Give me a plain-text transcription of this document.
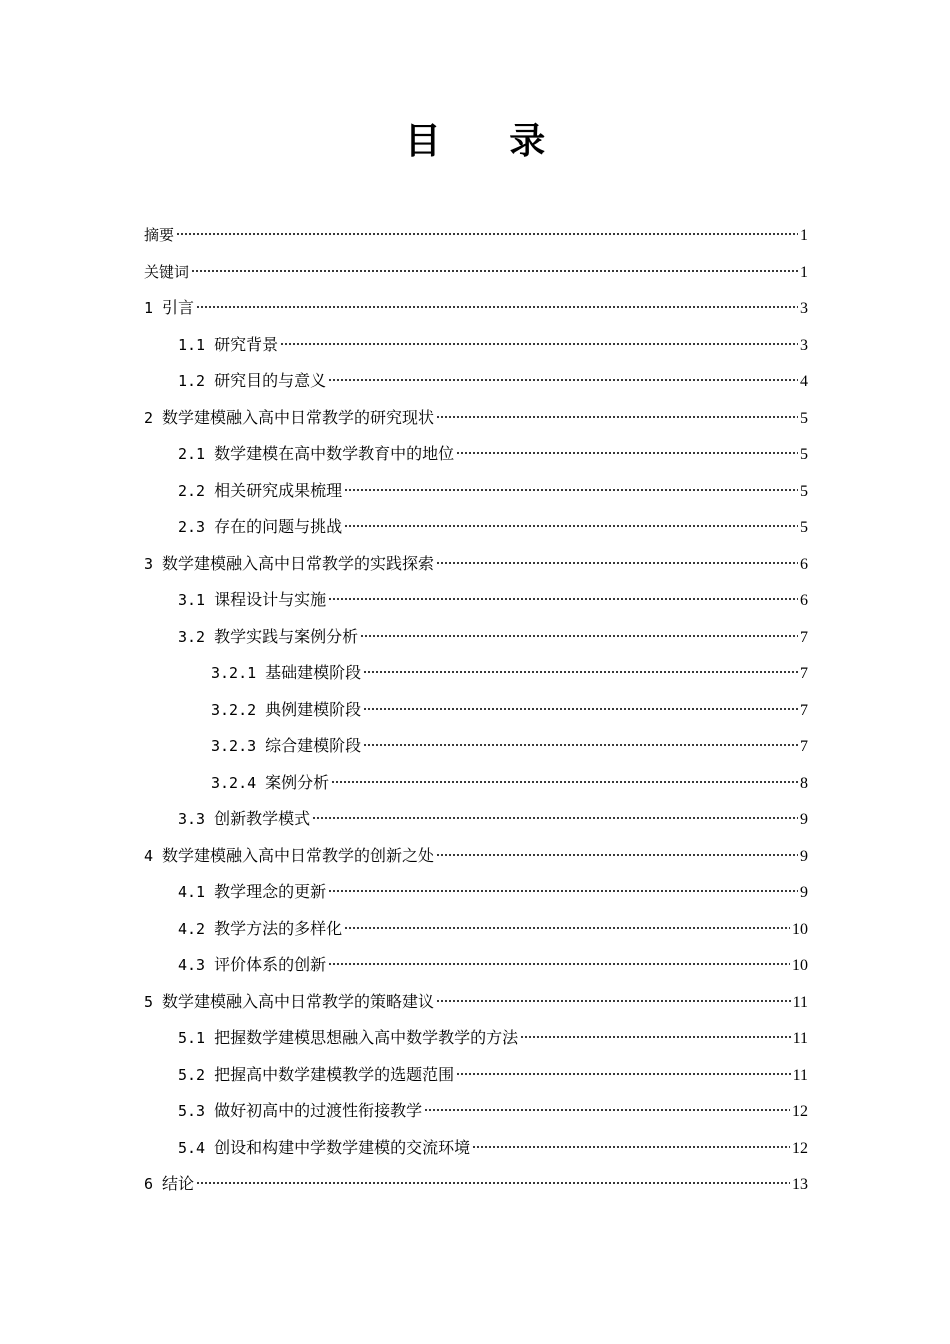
目 录
摘要	1
关键词	1
1 引言	3
1.1 研究背景	3
1.2 研究目的与意义	4
2 数学建模融入高中日常教学的研究现状	5
2.1 数学建模在高中数学教育中的地位	5
2.2 相关研究成果梳理	5
2.3 存在的问题与挑战	5
3 数学建模融入高中日常教学的实践探索	6
3.1 课程设计与实施	6
3.2 教学实践与案例分析	7
3.2.1 基础建模阶段	7
3.2.2 典例建模阶段	7
3.2.3 综合建模阶段	7
3.2.4 案例分析	8
3.3 创新教学模式	9
4 数学建模融入高中日常教学的创新之处	9
4.1 教学理念的更新	9
4.2 教学方法的多样化	10
4.3 评价体系的创新	10
5 数学建模融入高中日常教学的策略建议	11
5.1 把握数学建模思想融入高中数学教学的方法	11
5.2 把握高中数学建模教学的选题范围	11
5.3 做好初高中的过渡性衔接教学	12
5.4 创设和构建中学数学建模的交流环境	12
6 结论	13
